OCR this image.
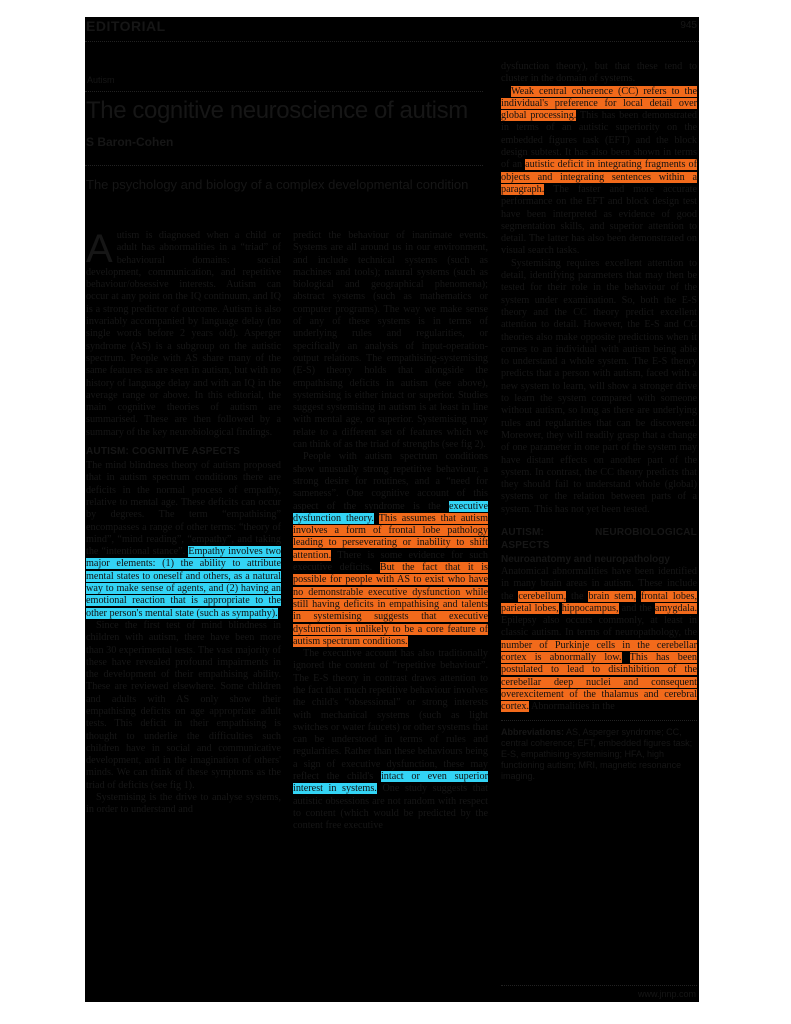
EDITORIAL	945
Autism
The cognitive neuroscience of autism
S Baron-Cohen
The psychology and biology of a complex developmental condition

Autism is diagnosed when a child or adult has abnormalities in a “triad” of behavioural domains: social development, communication, and repetitive behaviour/obsessive interests. Autism can occur at any point on the IQ continuum, and IQ is a strong predictor of outcome. Autism is also invariably accompanied by language delay (no single words before 2 years old). Asperger syndrome (AS) is a subgroup on the autistic spectrum. People with AS share many of the same features as are seen in autism, but with no history of language delay and with an IQ in the average range or above. In this editorial, the main cognitive theories of autism are summarised. These are then followed by a summary of the key neurobiological findings.

AUTISM: COGNITIVE ASPECTS

The mind blindness theory of autism proposed that in autism spectrum conditions there are deficits in the normal process of empathy, relative to mental age. These deficits can occur by degrees. The term “empathising” encompasses a range of other terms: “theory of mind”, “mind reading”, “empathy”, and taking the “intentional stance”. Empathy involves two major elements: (1) the ability to attribute mental states to oneself and others, as a natural way to make sense of agents, and (2) having an emotional reaction that is appropriate to the other person's mental state (such as sympathy).

Since the first test of mind blindness in children with autism, there have been more than 30 experimental tests. The vast majority of these have revealed profound impairments in the development of their empathising ability. These are reviewed elsewhere. Some children and adults with AS only show their empathising deficits on age appropriate adult tests. This deficit in their empathising is thought to underlie the difficulties such children have in social and communicative development, and in the imagination of others' minds. We can think of these symptoms as the triad of deficits (see fig 1).

Systemising is the drive to analyse systems, in order to understand and

predict the behaviour of inanimate events. Systems are all around us in our environment, and include technical systems (such as machines and tools); natural systems (such as biological and geographical phenomena); abstract systems (such as mathematics or computer programs). The way we make sense of any of these systems is in terms of underlying rules and regularities, or specifically an analysis of input-operation-output relations. The empathising-systemising (E-S) theory holds that alongside the empathising deficits in autism (see above), systemising is either intact or superior. Studies suggest systemising in autism is at least in line with mental age, or superior. Systemising may relate to a different set of features which we can think of as the triad of strengths (see fig 2).

People with autism spectrum conditions show unusually strong repetitive behaviour, a strong desire for routines, and a “need for sameness”. One cognitive account of this aspect of the syndrome is the executive dysfunction theory. This assumes that autism involves a form of frontal lobe pathology leading to perseverating or inability to shift attention. There is some evidence for such executive deficits. But the fact that it is possible for people with AS to exist who have no demonstrable executive dysfunction while still having deficits in empathising and talents in systemising suggests that executive dysfunction is unlikely to be a core feature of autism spectrum conditions.

The executive account has also traditionally ignored the content of “repetitive behaviour”. The E-S theory in contrast draws attention to the fact that much repetitive behaviour involves the child's “obsessional” or strong interests with mechanical systems (such as light switches or water faucets) or other systems that can be understood in terms of rules and regularities. Rather than these behaviours being a sign of executive dysfunction, these may reflect the child's intact or even superior interest in systems. One study suggests that autistic obsessions are not random with respect to content (which would be predicted by the content free executive

dysfunction theory), but that these tend to cluster in the domain of systems.

Weak central coherence (CC) refers to the individual's preference for local detail over global processing. This has been demonstrated in terms of an autistic superiority on the embedded figures task (EFT) and the block design subtest. It has also been shown in terms of an autistic deficit in integrating fragments of objects and integrating sentences within a paragraph. The faster and more accurate performance on the EFT and block design test have been interpreted as evidence of good segmentation skills, and superior attention to detail. The latter has also been demonstrated on visual search tasks.

Systemising requires excellent attention to detail, identifying parameters that may then be tested for their role in the behaviour of the system under examination. So, both the E-S theory and the CC theory predict excellent attention to detail. However, the E-S and CC theories also make opposite predictions when it comes to an individual with autism being able to understand a whole system. The E-S theory predicts that a person with autism, faced with a new system to learn, will show a stronger drive to learn the system compared with someone without autism, so long as there are underlying rules and regularities that can be discovered. Moreover, they will readily grasp that a change of one parameter in one part of the system may have distant effects on another part of the system. In contrast, the CC theory predicts that they should fail to understand whole (global) systems or the relation between parts of a system. This has not yet been tested.

AUTISM: NEUROBIOLOGICAL ASPECTS
Neuroanatomy and neuropathology

Anatomical abnormalities have been identified in many brain areas in autism. These include the cerebellum, the brain stem, frontal lobes, parietal lobes, hippocampus, and the amygdala. Epilepsy also occurs commonly, at least in classic autism. In terms of neuropathology, the number of Purkinje cells in the cerebellar cortex is abnormally low. This has been postulated to lead to disinhibition of the cerebellar deep nuclei and consequent overexcitement of the thalamus and cerebral cortex. Abnormalities in the

Abbreviations: AS, Asperger syndrome; CC, central coherence; EFT, embedded figures task; E-S, empathising-systemising; HFA, high functioning autism; MRI, magnetic resonance imaging.
www.jnnp.com
